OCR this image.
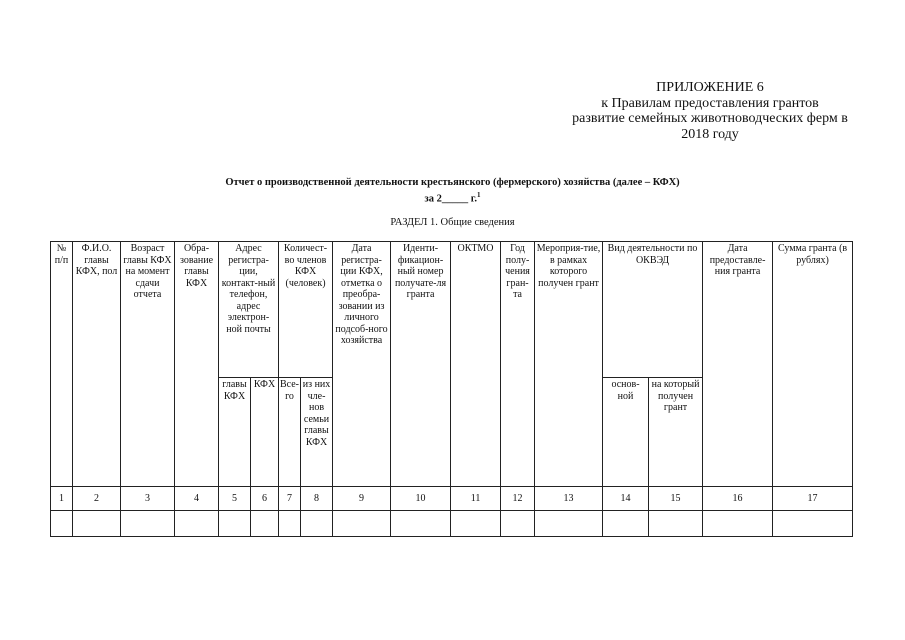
ПРИЛОЖЕНИЕ 6
к Правилам предоставления грантов
развитие семейных животноводческих ферм в
2018 году
Отчет о производственной деятельности крестьянского (фермерского) хозяйства (далее – КФХ)
за 2_____ г.$^1$
РАЗДЕЛ 1. Общие сведения
№ п/п	Ф.И.О. главы КФХ, пол	Возраст главы КФХ на момент сдачи отчета	Обра-зование главы КФХ	Адрес регистра-ции, контакт-ный телефон, адрес электрон-ной почты		Количест-во членов КФХ (человек)		Дата регистра-ции КФХ, отметка о преобра-зовании из личного подсоб-ного хозяйства	Иденти-фикацион-ный номер получате-ля гранта	ОКТМО	Год полу-чения гран-та	Мероприя-тие, в рамках которого получен грант	Вид деятельности по ОКВЭД		Дата предоставле-ния гранта	Сумма гранта (в рублях)
				главы КФХ	КФХ	Все-го	из них чле-нов семьи главы КФХ						основ-ной	на который получен грант		
1	2	3	4	5	6	7	8	9	10	11	12	13	14	15	16	17
